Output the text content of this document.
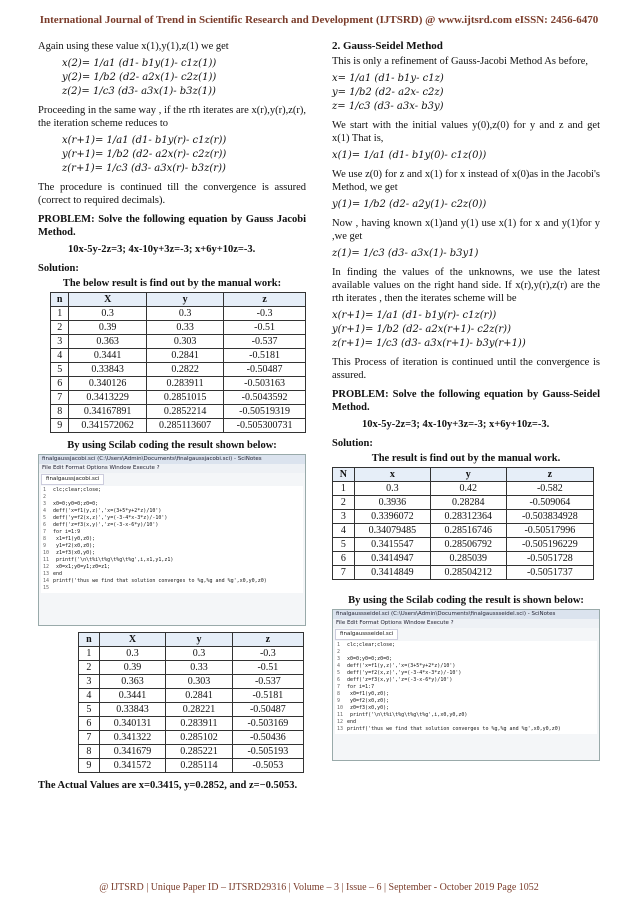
International Journal of Trend in Scientific Research and Development (IJTSRD) @ www.ijtsrd.com eISSN: 2456-6470

Again using these value x(1),y(1),z(1) we get

x(2)= 1/a1 (d1- b1y(1)- c1z(1))
y(2)= 1/b2 (d2- a2x(1)- c2z(1))
z(2)= 1/c3 (d3- a3x(1)- b3z(1))

Proceeding in the same way , if the rth iterates are x(r),y(r),z(r), the iteration scheme reduces to

x(r+1)= 1/a1 (d1- b1y(r)- c1z(r))
y(r+1)= 1/b2 (d2- a2x(r)- c2z(r))
z(r+1)= 1/c3 (d3- a3x(r)- b3z(r))

The procedure is continued till the convergence is assured (correct to required decimals).

PROBLEM: Solve the following equation by Gauss Jacobi Method.

10x-5y-2z=3; 4x-10y+3z=-3; x+6y+10z=-3.

Solution:

The below result is find out by the manual work:
n	X	y	z
1	0.3	0.3	-0.3
2	0.39	0.33	-0.51
3	0.363	0.303	-0.537
4	0.3441	0.2841	-0.5181
5	0.33843	0.2822	-0.50487
6	0.340126	0.283911	-0.503163
7	0.3413229	0.2851015	-0.5043592
8	0.34167891	0.2852214	-0.50519319
9	0.341572062	0.285113607	-0.505300731
By using Scilab coding the result shown below:
finalgaussjacobi.sci (C:\Users\Admin\Documents\finalgaussjacobi.sci) - SciNotes
File Edit Format Options Window Execute ?
finalgaussjacobi.sci
1 clc;clear;close;
2
3 x0=0;y0=0;z0=0;
4 deff('x=f1(y,z)','x=(3+5*y+2*z)/10')
5 deff('y=f2(x,z)','y=(-3-4*x-3*z)/-10')
6 deff('z=f3(x,y)','z=(-3-x-6*y)/10')
7 for i=1:9
8 x1=f1(y0,z0);
9 y1=f2(x0,z0);
10 z1=f3(x0,y0);
11 printf('\n\t%i\t%g\t%g\t%g',i,x1,y1,z1)
12 x0=x1;y0=y1;z0=z1;
13 end
14 printf('thus we find that solution converges to %g,%g and %g',x0,y0,z0)
15
n	X	y	z
1	0.3	0.3	-0.3
2	0.39	0.33	-0.51
3	0.363	0.303	-0.537
4	0.3441	0.2841	-0.5181
5	0.33843	0.28221	-0.50487
6	0.340131	0.283911	-0.503169
7	0.341322	0.285102	-0.50436
8	0.341679	0.285221	-0.505193
9	0.341572	0.285114	-0.5053

The Actual Values are x=0.3415, y=0.2852, and z=−0.5053.

2. Gauss-Seidel Method

This is only a refinement of Gauss-Jacobi Method As before,

x= 1/a1 (d1- b1y- c1z)
y= 1/b2 (d2- a2x- c2z)
z= 1/c3 (d3- a3x- b3y)

We start with the initial values y(0),z(0) for y and z and get x(1) That is,

x(1)= 1/a1 (d1- b1y(0)- c1z(0))

We use z(0) for z and x(1) for x instead of x(0)as in the Jacobi's Method, we get

y(1)= 1/b2 (d2- a2y(1)- c2z(0))

Now , having known x(1)and y(1) use x(1) for x and y(1)for y ,we get

z(1)= 1/c3 (d3- a3x(1)- b3y1)

In finding the values of the unknowns, we use the latest available values on the right hand side. If x(r),y(r),z(r) are the rth iterates , then the iterates scheme will be

x(r+1)= 1/a1 (d1- b1y(r)- c1z(r))
y(r+1)= 1/b2 (d2- a2x(r+1)- c2z(r))
z(r+1)= 1/c3 (d3- a3x(r+1)- b3y(r+1))

This Process of iteration is continued until the convergence is assured.

PROBLEM: Solve the following equation by Gauss-Seidel Method.

10x-5y-2z=3; 4x-10y+3z=-3; x+6y+10z=-3.

Solution:

The result is find out by the manual work.
N	x	y	z
1	0.3	0.42	-0.582
2	0.3936	0.28284	-0.509064
3	0.3396072	0.28312364	-0.503834928
4	0.34079485	0.28516746	-0.50517996
5	0.3415547	0.28506792	-0.505196229
6	0.3414947	0.285039	-0.5051728
7	0.3414849	0.28504212	-0.5051737
By using the Scilab coding the result is shown below:
finalgaussseidel.sci (C:\Users\Admin\Documents\finalgaussseidel.sci) - SciNotes
File Edit Format Options Window Execute ?
finalgaussseidel.sci
1 clc;clear;close;
2
3 x0=0;y0=0;z0=0;
4 deff('x=f1(y,z)','x=(3+5*y+2*z)/10')
5 deff('y=f2(x,z)','y=(-3-4*x-3*z)/-10')
6 deff('z=f3(x,y)','z=(-3-x-6*y)/10')
7 for i=1:7
8 x0=f1(y0,z0);
9 y0=f2(x0,z0);
10 z0=f3(x0,y0);
11 printf('\n\t%i\t%g\t%g\t%g',i,x0,y0,z0)
12 end
13 printf('thus we find that solution converges to %g,%g and %g',x0,y0,z0)
@ IJTSRD | Unique Paper ID – IJTSRD29316 | Volume – 3 | Issue – 6 | September - October 2019 Page 1052
